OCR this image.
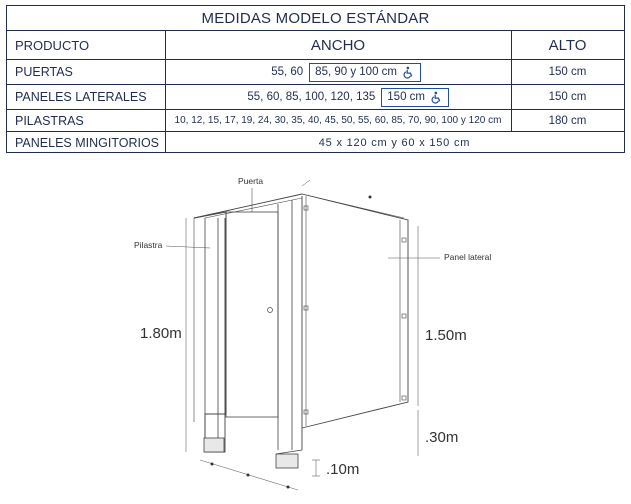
MEDIDAS MODELO ESTÁNDAR
PRODUCTO	ANCHO	ALTO
PUERTAS	55, 60 85, 90 y 100 cm	150 cm
PANELES LATERALES	55, 60, 85, 100, 120, 135 150 cm	150 cm
PILASTRAS	10, 12, 15, 17, 19, 24, 30, 35, 40, 45, 50, 55, 60, 85, 70, 90, 100 y 120 cm	180 cm
PANELES MINGITORIOS	45 x 120 cm y 60 x 150 cm
Puerta
Pilastra
Panel lateral
1.80m	1.50m
.30m
.10m
